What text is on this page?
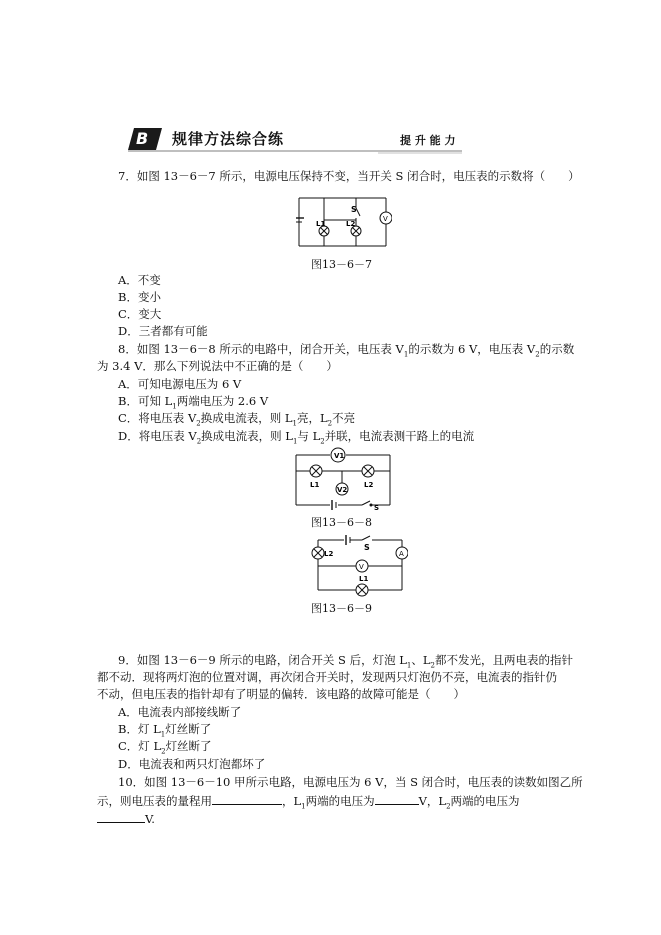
B 规律方法综合练	提 升 能 力
7．如图 13－6－7 所示，电源电压保持不变，当开关 S 闭合时，电压表的示数将（　　）
L1	L2
S
V
图13－6－7
A．不变
B．变小
C．变大
D．三者都有可能
8．如图 13－6－8 所示的电路中，闭合开关，电压表 $V_1$的示数为 6 V，电压表 $V_2$的示数
为 3.4 V．那么下列说法中不正确的是（　　）
A．可知电源电压为 6 V
B．可知 $L_1$两端电压为 2.6 V
C．将电压表 $V_2$换成电流表，则 $L_1$亮，$L_2$不亮
D．将电压表 $V_2$换成电流表，则 $L_1$与 $L_2$并联，电流表测干路上的电流
V1
V2
L1	L2
S
图13－6－8
L2
L1
S
A
V
图13－6－9
9．如图 13－6－9 所示的电路，闭合开关 S 后，灯泡 $L_1$、$L_2$都不发光，且两电表的指针
都不动．现将两灯泡的位置对调，再次闭合开关时，发现两只灯泡仍不亮，电流表的指针仍
不动，但电压表的指针却有了明显的偏转．该电路的故障可能是（　　）
A．电流表内部接线断了
B．灯 $L_1$灯丝断了
C．灯 $L_2$灯丝断了
D．电流表和两只灯泡都坏了
10．如图 13－6－10 甲所示电路，电源电压为 6 V，当 S 闭合时，电压表的读数如图乙所
示，则电压表的量程用	，$L_1$两端的电压为	V，$L_2$两端的电压为
V.
